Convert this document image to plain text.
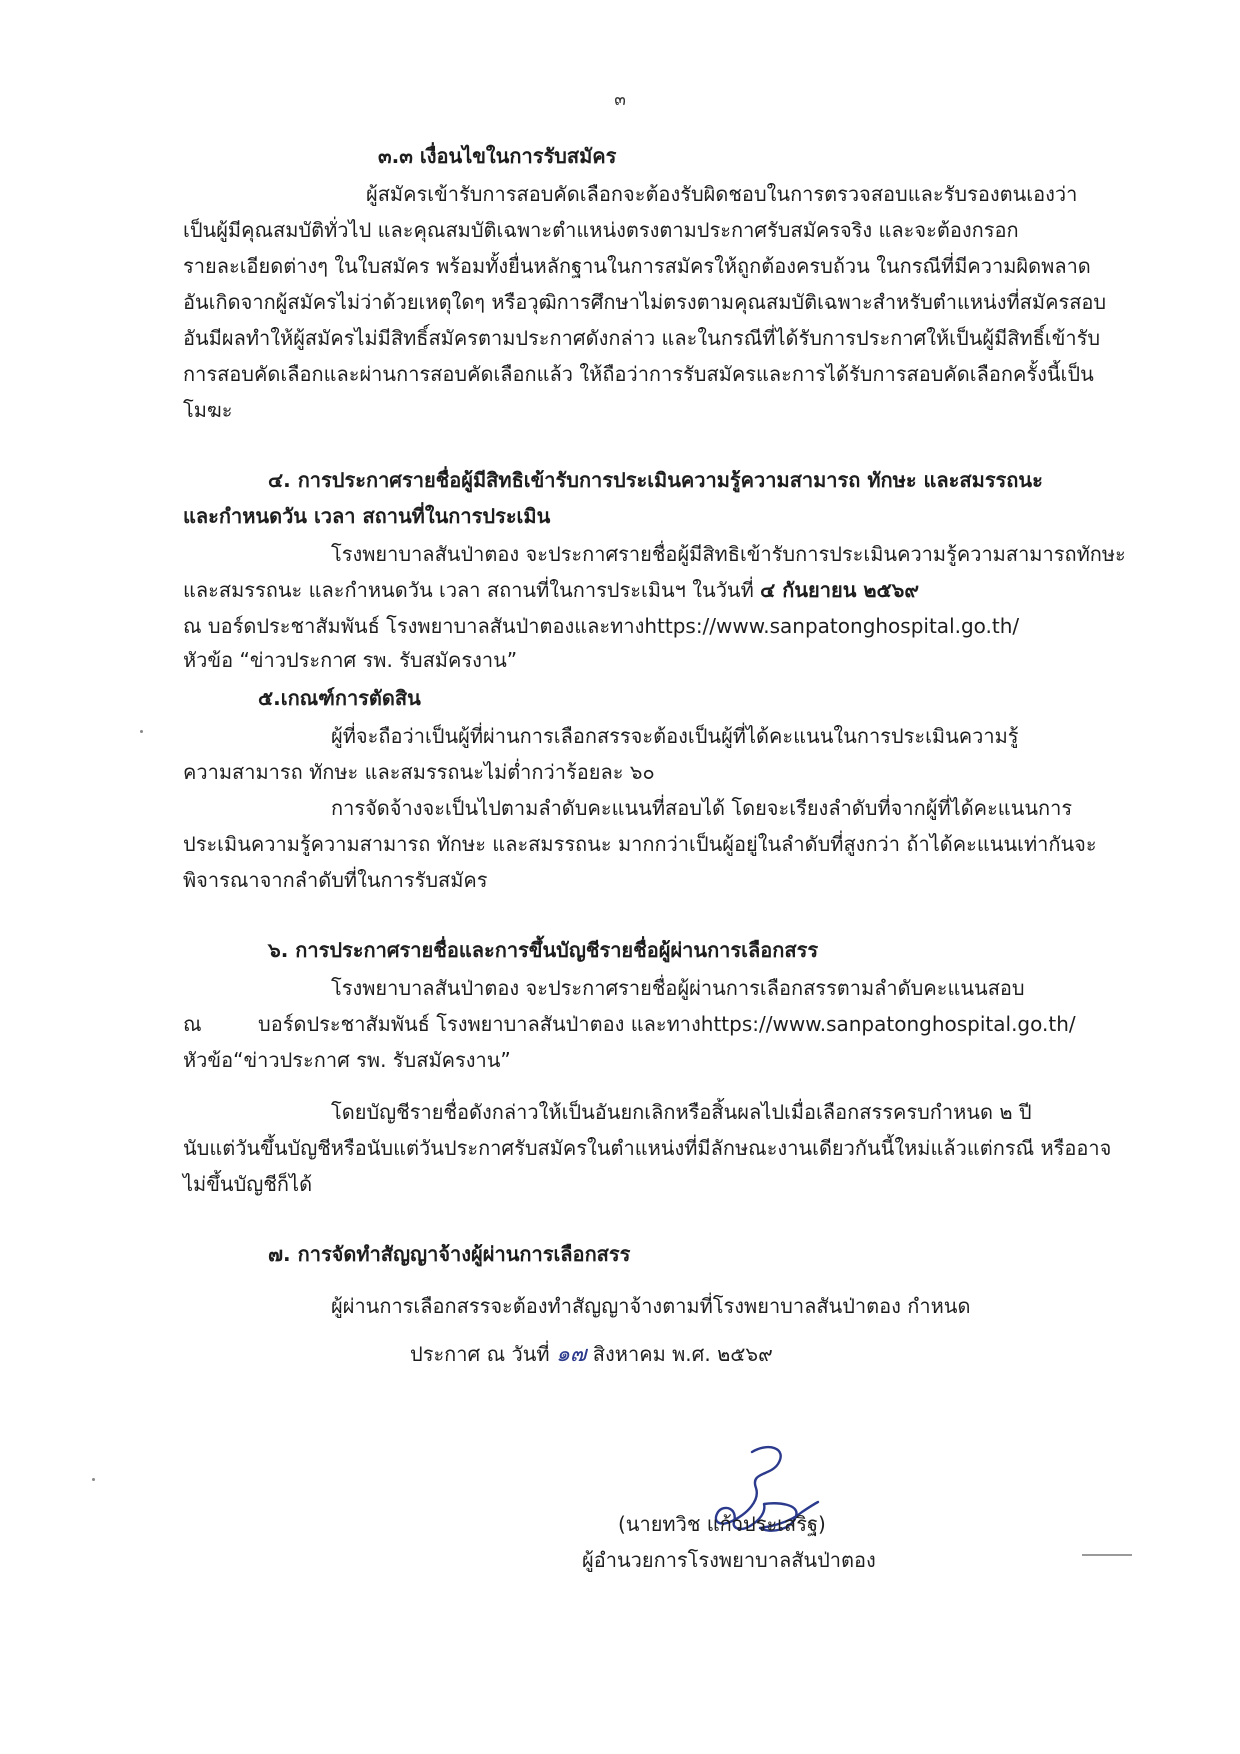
๓
๓.๓ เงื่อนไขในการรับสมัคร
ผู้สมัครเข้ารับการสอบคัดเลือกจะต้องรับผิดชอบในการตรวจสอบและรับรองตนเองว่า
เป็นผู้มีคุณสมบัติทั่วไป และคุณสมบัติเฉพาะตำแหน่งตรงตามประกาศรับสมัครจริง และจะต้องกรอก
รายละเอียดต่างๆ ในใบสมัคร พร้อมทั้งยื่นหลักฐานในการสมัครให้ถูกต้องครบถ้วน ในกรณีที่มีความผิดพลาด
อันเกิดจากผู้สมัครไม่ว่าด้วยเหตุใดๆ หรือวุฒิการศึกษาไม่ตรงตามคุณสมบัติเฉพาะสำหรับตำแหน่งที่สมัครสอบ
อันมีผลทำให้ผู้สมัครไม่มีสิทธิ์สมัครตามประกาศดังกล่าว และในกรณีที่ได้รับการประกาศให้เป็นผู้มีสิทธิ์เข้ารับ
การสอบคัดเลือกและผ่านการสอบคัดเลือกแล้ว ให้ถือว่าการรับสมัครและการได้รับการสอบคัดเลือกครั้งนี้เป็น
โมฆะ
๔. การประกาศรายชื่อผู้มีสิทธิเข้ารับการประเมินความรู้ความสามารถ ทักษะ และสมรรถนะ
และกำหนดวัน เวลา สถานที่ในการประเมิน
โรงพยาบาลสันป่าตอง จะประกาศรายชื่อผู้มีสิทธิเข้ารับการประเมินความรู้ความสามารถทักษะ
และสมรรถนะ และกำหนดวัน เวลา สถานที่ในการประเมินฯ ในวันที่ ๔ กันยายน ๒๕๖๙
ณ บอร์ดประชาสัมพันธ์ โรงพยาบาลสันป่าตองและทางhttps://www.sanpatonghospital.go.th/
หัวข้อ “ข่าวประกาศ รพ. รับสมัครงาน”
๕.เกณฑ์การตัดสิน
ผู้ที่จะถือว่าเป็นผู้ที่ผ่านการเลือกสรรจะต้องเป็นผู้ที่ได้คะแนนในการประเมินความรู้
ความสามารถ ทักษะ และสมรรถนะไม่ต่ำกว่าร้อยละ ๖๐
การจัดจ้างจะเป็นไปตามลำดับคะแนนที่สอบได้ โดยจะเรียงลำดับที่จากผู้ที่ได้คะแนนการ
ประเมินความรู้ความสามารถ ทักษะ และสมรรถนะ มากกว่าเป็นผู้อยู่ในลำดับที่สูงกว่า ถ้าได้คะแนนเท่ากันจะ
พิจารณาจากลำดับที่ในการรับสมัคร
๖. การประกาศรายชื่อและการขึ้นบัญชีรายชื่อผู้ผ่านการเลือกสรร
โรงพยาบาลสันป่าตอง จะประกาศรายชื่อผู้ผ่านการเลือกสรรตามลำดับคะแนนสอบ
ณ	บอร์ดประชาสัมพันธ์ โรงพยาบาลสันป่าตอง และทางhttps://www.sanpatonghospital.go.th/
หัวข้อ“ข่าวประกาศ รพ. รับสมัครงาน”
โดยบัญชีรายชื่อดังกล่าวให้เป็นอันยกเลิกหรือสิ้นผลไปเมื่อเลือกสรรครบกำหนด ๒ ปี
นับแต่วันขึ้นบัญชีหรือนับแต่วันประกาศรับสมัครในตำแหน่งที่มีลักษณะงานเดียวกันนี้ใหม่แล้วแต่กรณี หรืออาจ
ไม่ขึ้นบัญชีก็ได้
๗. การจัดทำสัญญาจ้างผู้ผ่านการเลือกสรร
ผู้ผ่านการเลือกสรรจะต้องทำสัญญาจ้างตามที่โรงพยาบาลสันป่าตอง กำหนด
ประกาศ ณ วันที่ ๑๗ สิงหาคม พ.ศ. ๒๕๖๙
(นายทวิช แก้วประเสริฐ)
ผู้อำนวยการโรงพยาบาลสันป่าตอง
